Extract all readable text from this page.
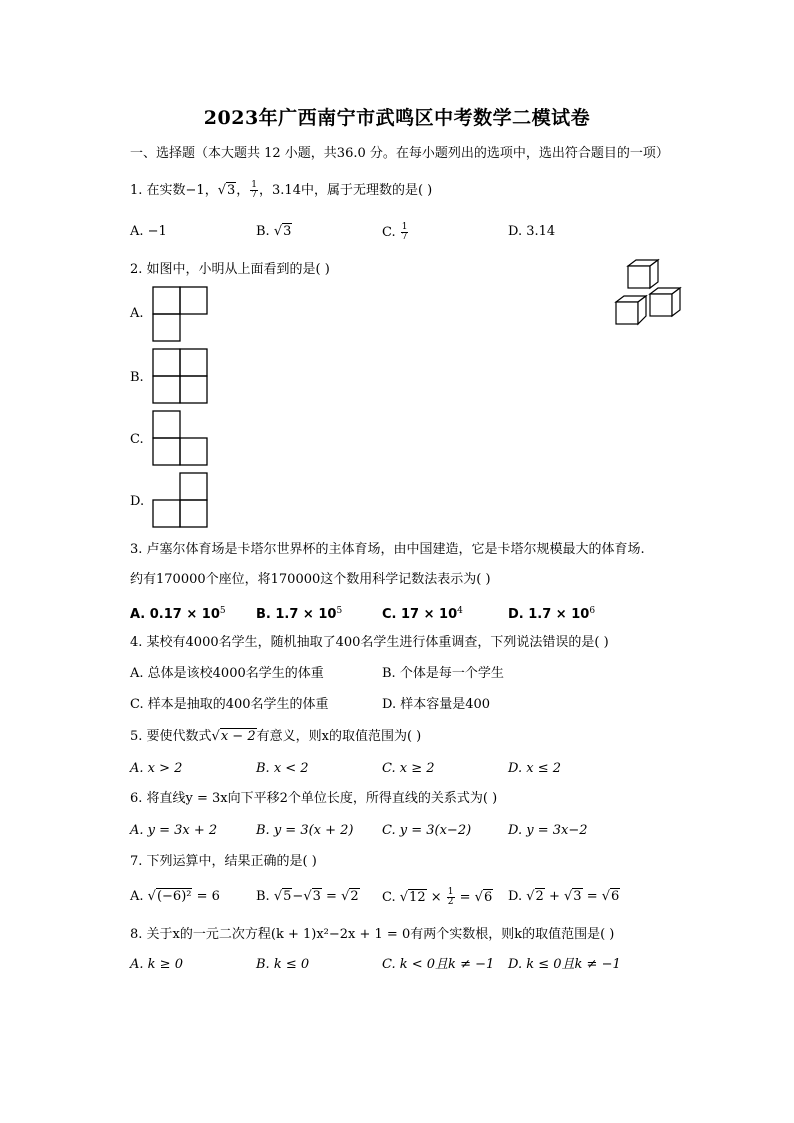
2023年广西南宁市武鸣区中考数学二模试卷
一、选择题（本大题共 12 小题，共36.0 分。在每小题列出的选项中，选出符合题目的一项）
1. 在实数−1，√3， $\frac{1}{7}$ ，3.14中，属于无理数的是( )
A. −1	B. √3	C. $\frac{1}{7}$	D. 3.14
2. 如图中，小明从上面看到的是( )
A.
B.
C.
D.
3. 卢塞尔体育场是卡塔尔世界杯的主体育场，由中国建造，它是卡塔尔规模最大的体育场.
约有170000个座位，将170000这个数用科学记数法表示为( )
A. $0.17 \times 10^5$ B. $1.7 \times 10^5$	C. $17 \times 10^4$	D. $1.7 \times 10^6$
4. 某校有4000名学生，随机抽取了400名学生进行体重调查，下列说法错误的是( )
A. 总体是该校4000名学生的体重	B. 个体是每一个学生
C. 样本是抽取的400名学生的体重	D. 样本容量是400
5. 要使代数式√x − 2有意义，则x的取值范围为( )
A. x > 2	B. x < 2	C. x ≥ 2	D. x ≤ 2
6. 将直线y = 3x向下平移2个单位长度，所得直线的关系式为( )
A. y = 3x + 2	B. y = 3(x + 2) C. y = 3(x−2)	D. y = 3x−2
7. 下列运算中，结果正确的是( )
A. √(−6)² = 6	B. √5−√3 = √2 C. $√12 \times \frac{1}{2} = √6$ D. √2 + √3 = √6
8. 关于x的一元二次方程(k + 1)x²−2x + 1 = 0有两个实数根，则k的取值范围是( )
A. k ≥ 0	B. k ≤ 0	C. k < 0且k ≠ −1 D. k ≤ 0且k ≠ −1
